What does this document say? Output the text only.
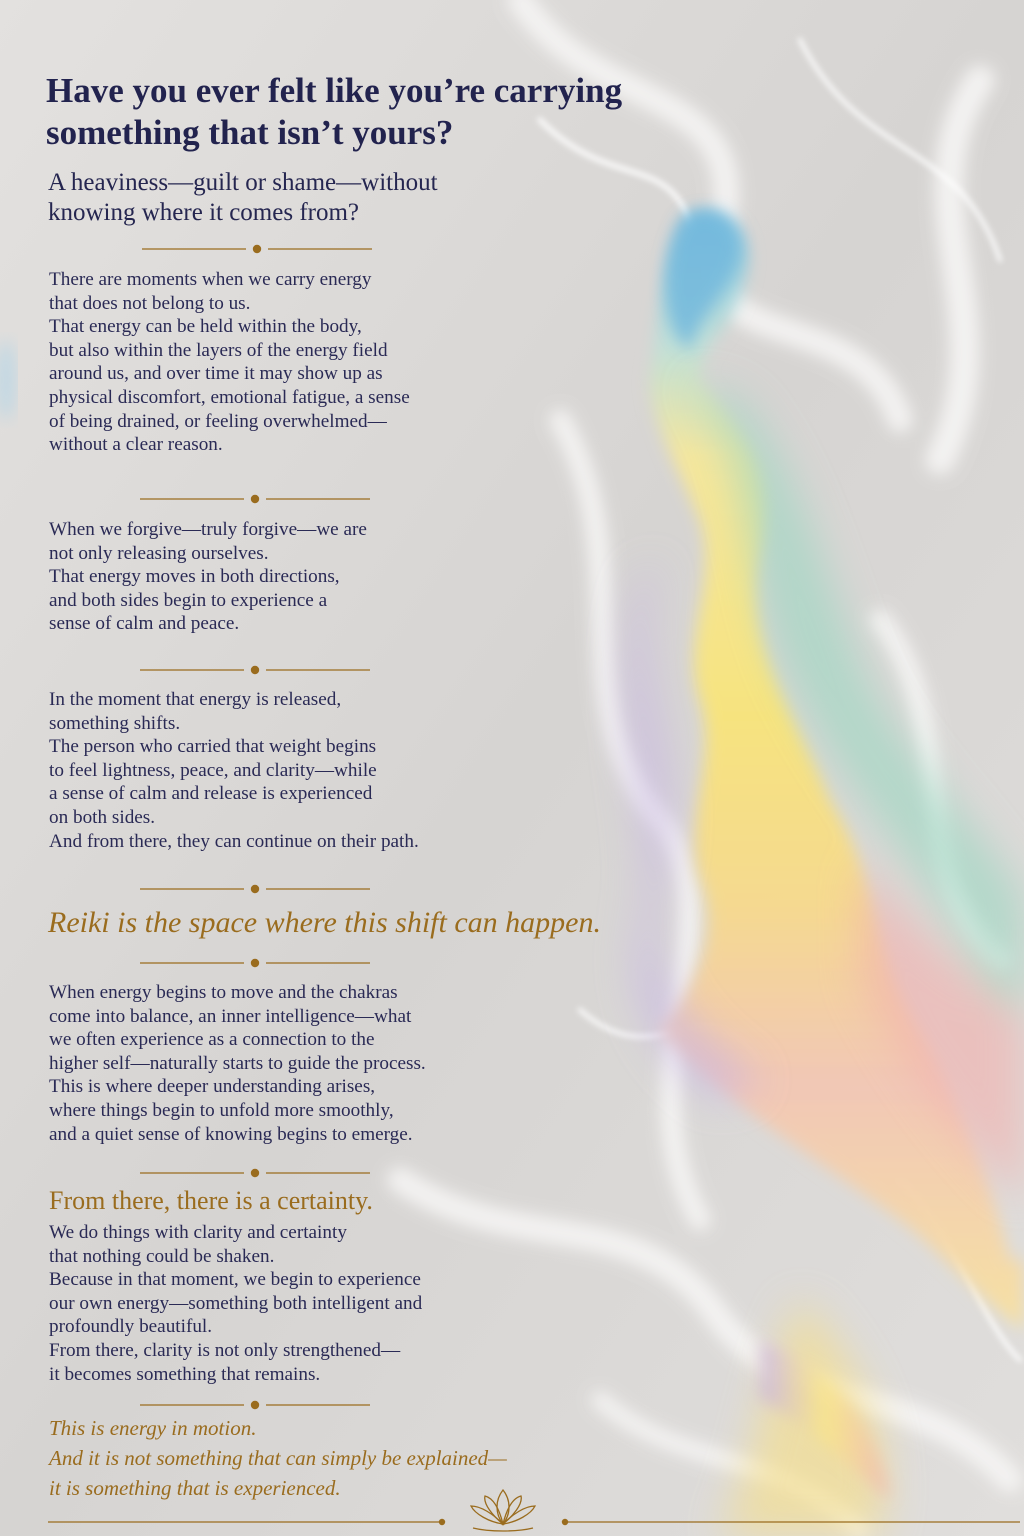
Have you ever felt like you’re carrying
something that isn’t yours?

A heaviness—guilt or shame—without
knowing where it comes from?

There are moments when we carry energy
that does not belong to us.
That energy can be held within the body,
but also within the layers of the energy field
around us, and over time it may show up as
physical discomfort, emotional fatigue, a sense
of being drained, or feeling overwhelmed—
without a clear reason.

When we forgive—truly forgive—we are
not only releasing ourselves.
That energy moves in both directions,
and both sides begin to experience a
sense of calm and peace.

In the moment that energy is released,
something shifts.
The person who carried that weight begins
to feel lightness, peace, and clarity—while
a sense of calm and release is experienced
on both sides.
And from there, they can continue on their path.

Reiki is the space where this shift can happen.

When energy begins to move and the chakras
come into balance, an inner intelligence—what
we often experience as a connection to the
higher self—naturally starts to guide the process.
This is where deeper understanding arises,
where things begin to unfold more smoothly,
and a quiet sense of knowing begins to emerge.

From there, there is a certainty.

We do things with clarity and certainty
that nothing could be shaken.
Because in that moment, we begin to experience
our own energy—something both intelligent and
profoundly beautiful.
From there, clarity is not only strengthened—
it becomes something that remains.

This is energy in motion.
And it is not something that can simply be explained—
it is something that is experienced.
